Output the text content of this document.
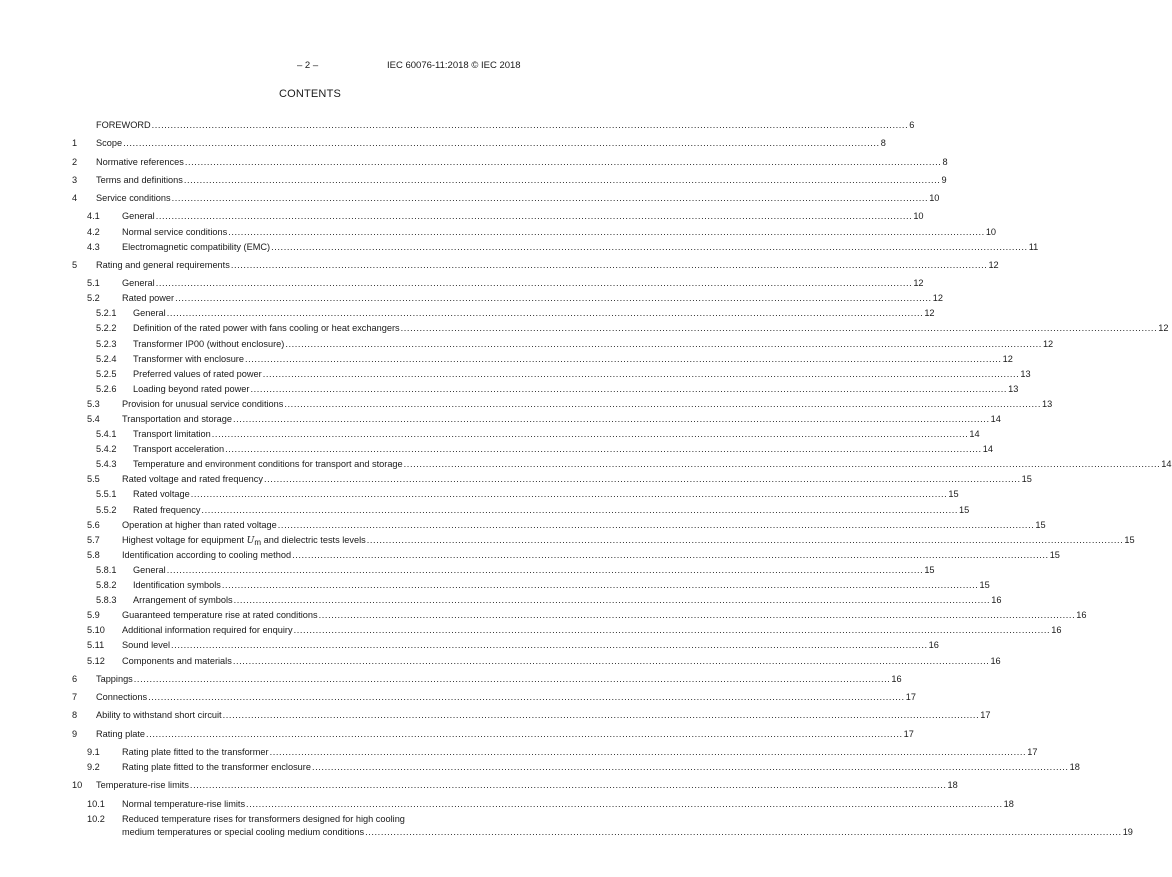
– 2 –	IEC 60076-11:2018 © IEC 2018
CONTENTS
FOREWORD .....	6
1	Scope .....	8
2	Normative references .....	8
3	Terms and definitions .....	9
4	Service conditions .....	10
4.1	General .....	10
4.2	Normal service conditions .....	10
4.3	Electromagnetic compatibility (EMC) .....	11
5	Rating and general requirements .....	12
5.1	General .....	12
5.2	Rated power .....	12
5.2.1	General .....	12
5.2.2	Definition of the rated power with fans cooling or heat exchangers .....	12
5.2.3	Transformer IP00 (without enclosure) .....	12
5.2.4	Transformer with enclosure .....	12
5.2.5	Preferred values of rated power .....	13
5.2.6	Loading beyond rated power .....	13
5.3	Provision for unusual service conditions .....	13
5.4	Transportation and storage .....	14
5.4.1	Transport limitation .....	14
5.4.2	Transport acceleration .....	14
5.4.3	Temperature and environment conditions for transport and storage .....	14
5.5	Rated voltage and rated frequency .....	15
5.5.1	Rated voltage .....	15
5.5.2	Rated frequency .....	15
5.6	Operation at higher than rated voltage .....	15
5.7	Highest voltage for equipment $U_m$ and dielectric tests levels .....	15
5.8	Identification according to cooling method .....	15
5.8.1	General .....	15
5.8.2	Identification symbols .....	15
5.8.3	Arrangement of symbols .....	16
5.9	Guaranteed temperature rise at rated conditions .....	16
5.10	Additional information required for enquiry .....	16
5.11	Sound level .....	16
5.12	Components and materials .....	16
6	Tappings .....	16
7	Connections .....	17
8	Ability to withstand short circuit .....	17
9	Rating plate .....	17
9.1	Rating plate fitted to the transformer .....	17
9.2	Rating plate fitted to the transformer enclosure .....	18
10	Temperature-rise limits .....	18
10.1	Normal temperature-rise limits .....	18
10.2	Reduced temperature rises for transformers designed for high cooling
medium temperatures or special cooling medium conditions .....	19
